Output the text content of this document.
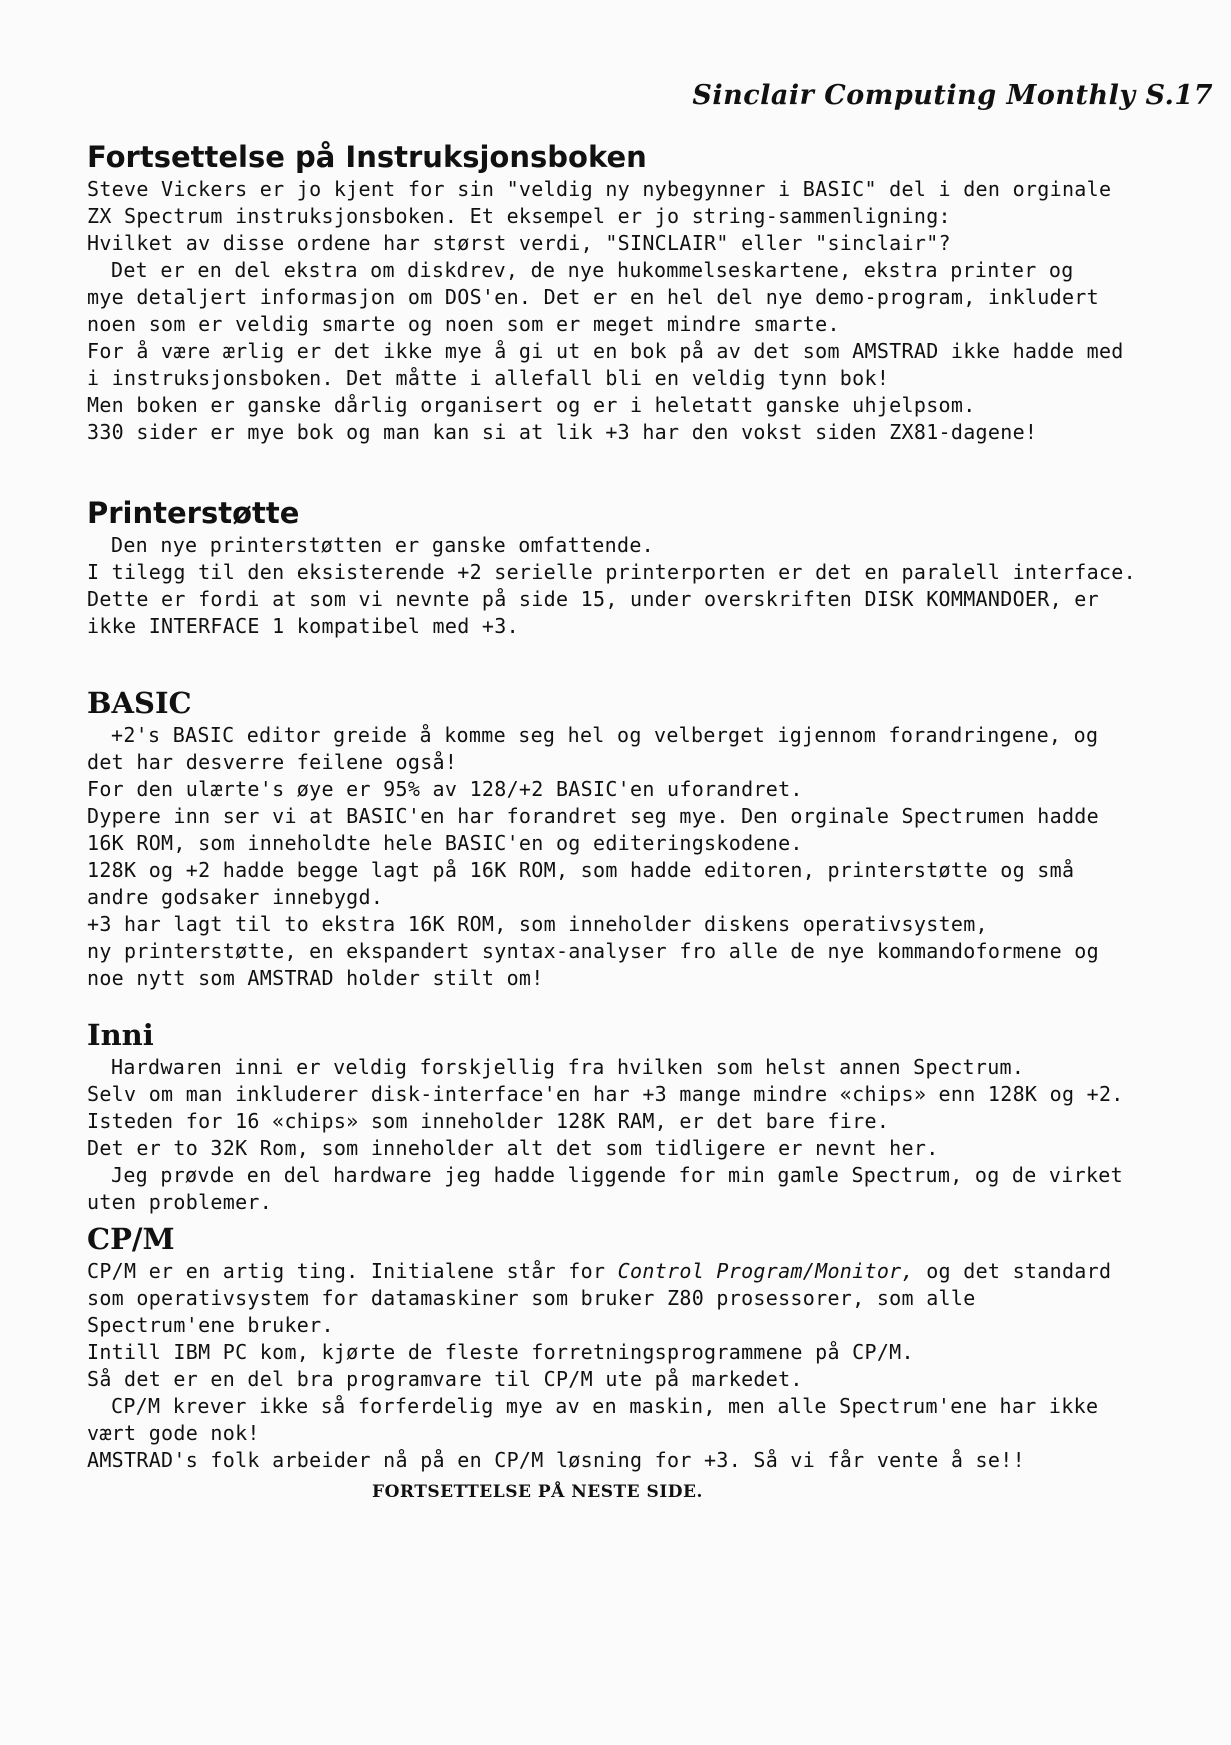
Sinclair Computing Monthly S.17
Fortsettelse på Instruksjonsboken
Steve Vickers er jo kjent for sin "veldig ny nybegynner i BASIC" del i den orginale
ZX Spectrum instruksjonsboken. Et eksempel er jo string-sammenligning:
Hvilket av disse ordene har størst verdi, "SINCLAIR" eller "sinclair"?
Det er en del ekstra om diskdrev, de nye hukommelseskartene, ekstra printer og
mye detaljert informasjon om DOS'en. Det er en hel del nye demo-program, inkludert
noen som er veldig smarte og noen som er meget mindre smarte.
For å være ærlig er det ikke mye å gi ut en bok på av det som AMSTRAD ikke hadde med
i instruksjonsboken. Det måtte i allefall bli en veldig tynn bok!
Men boken er ganske dårlig organisert og er i heletatt ganske uhjelpsom.
330 sider er mye bok og man kan si at lik +3 har den vokst siden ZX81-dagene!
Printerstøtte
Den nye printerstøtten er ganske omfattende.
I tilegg til den eksisterende +2 serielle printerporten er det en paralell interface.
Dette er fordi at som vi nevnte på side 15, under overskriften DISK KOMMANDOER, er
ikke INTERFACE 1 kompatibel med +3.
BASIC
+2's BASIC editor greide å komme seg hel og velberget igjennom forandringene, og
det har desverre feilene også!
For den ulærte's øye er 95% av 128/+2 BASIC'en uforandret.
Dypere inn ser vi at BASIC'en har forandret seg mye. Den orginale Spectrumen hadde
16K ROM, som inneholdte hele BASIC'en og editeringskodene.
128K og +2 hadde begge lagt på 16K ROM, som hadde editoren, printerstøtte og små
andre godsaker innebygd.
+3 har lagt til to ekstra 16K ROM, som inneholder diskens operativsystem,
ny printerstøtte, en ekspandert syntax-analyser fro alle de nye kommandoformene og
noe nytt som AMSTRAD holder stilt om!
Inni
Hardwaren inni er veldig forskjellig fra hvilken som helst annen Spectrum.
Selv om man inkluderer disk-interface'en har +3 mange mindre «chips» enn 128K og +2.
Isteden for 16 «chips» som inneholder 128K RAM, er det bare fire.
Det er to 32K Rom, som inneholder alt det som tidligere er nevnt her.
Jeg prøvde en del hardware jeg hadde liggende for min gamle Spectrum, og de virket
uten problemer.
CP/M
CP/M er en artig ting. Initialene står for Control Program/Monitor, og det standard
som operativsystem for datamaskiner som bruker Z80 prosessorer, som alle
Spectrum'ene bruker.
Intill IBM PC kom, kjørte de fleste forretningsprogrammene på CP/M.
Så det er en del bra programvare til CP/M ute på markedet.
CP/M krever ikke så forferdelig mye av en maskin, men alle Spectrum'ene har ikke
vært gode nok!
AMSTRAD's folk arbeider nå på en CP/M løsning for +3. Så vi får vente å se!!
FORTSETTELSE PÅ NESTE SIDE.
